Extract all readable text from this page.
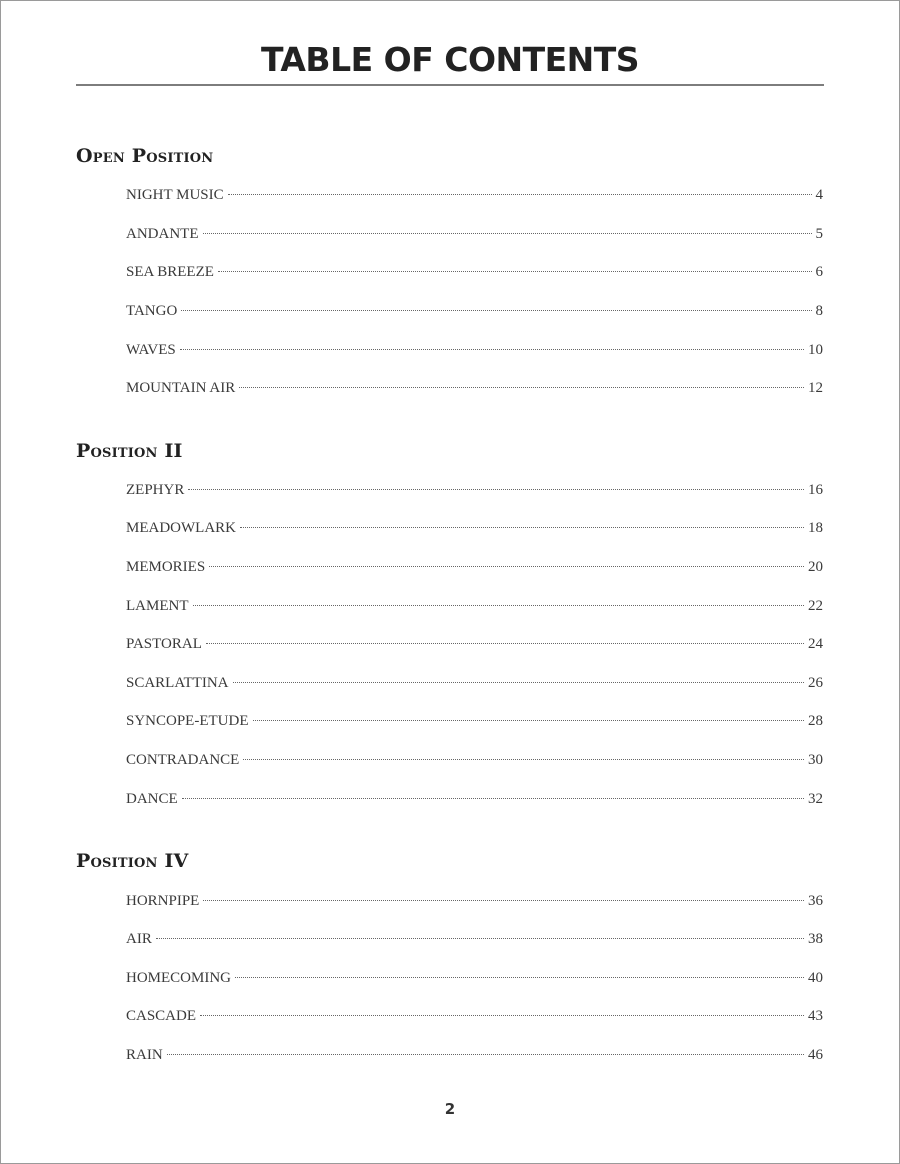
TABLE OF CONTENTS
Open Position
NIGHT MUSIC	4
ANDANTE	5
SEA BREEZE	6
TANGO	8
WAVES	10
MOUNTAIN AIR	12
Position II
ZEPHYR	16
MEADOWLARK	18
MEMORIES	20
LAMENT	22
PASTORAL	24
SCARLATTINA	26
SYNCOPE-ETUDE	28
CONTRADANCE	30
DANCE	32
Position IV
HORNPIPE	36
AIR	38
HOMECOMING	40
CASCADE	43
RAIN	46
2
